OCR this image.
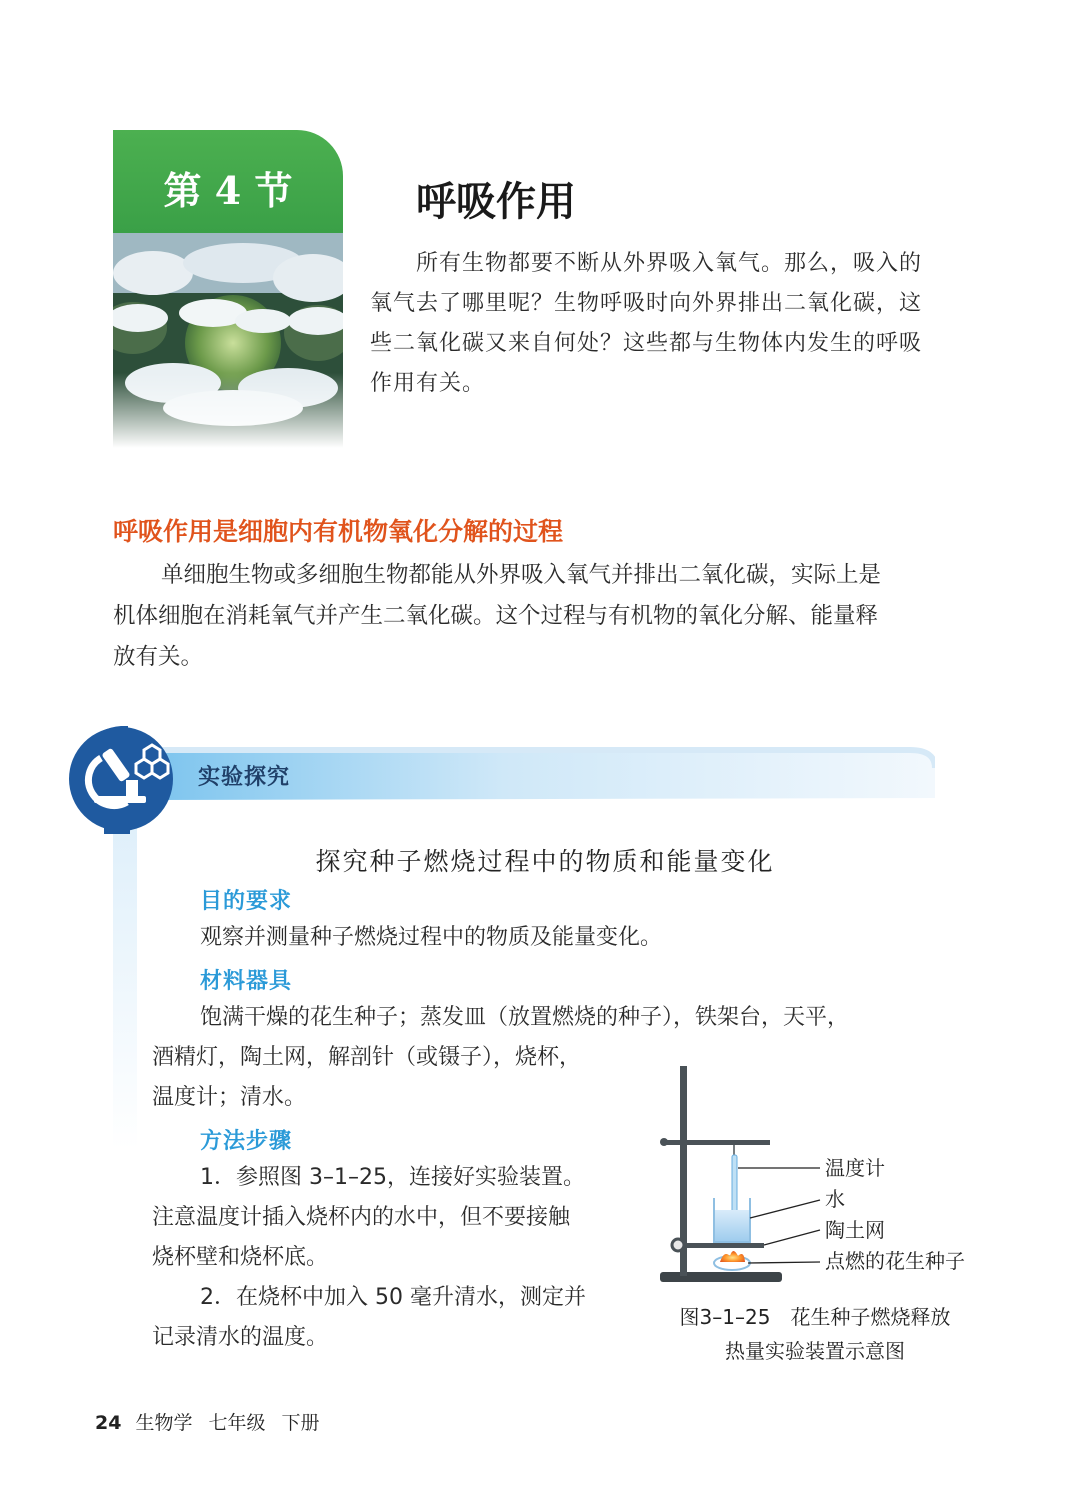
第 4 节	呼吸作用
所有生物都要不断从外界吸入氧气。那么，吸入的
氧气去了哪里呢？生物呼吸时向外界排出二氧化碳，这
些二氧化碳又来自何处？这些都与生物体内发生的呼吸
作用有关。
呼吸作用是细胞内有机物氧化分解的过程
单细胞生物或多细胞生物都能从外界吸入氧气并排出二氧化碳，实际上是
机体细胞在消耗氧气并产生二氧化碳。这个过程与有机物的氧化分解、能量释
放有关。
实验探究
探究种子燃烧过程中的物质和能量变化
目的要求
观察并测量种子燃烧过程中的物质及能量变化。
材料器具
饱满干燥的花生种子；蒸发皿（放置燃烧的种子），铁架台，天平，
酒精灯，陶土网，解剖针（或镊子），烧杯，
温度计；清水。
方法步骤
1．参照图 3–1–25，连接好实验装置。
注意温度计插入烧杯内的水中，但不要接触
烧杯壁和烧杯底。
2．在烧杯中加入 50 毫升清水，测定并
记录清水的温度。
温度计
水
陶土网
点燃的花生种子
图3–1–25　花生种子燃烧释放
热量实验装置示意图
24 生物学 七年级 下册
